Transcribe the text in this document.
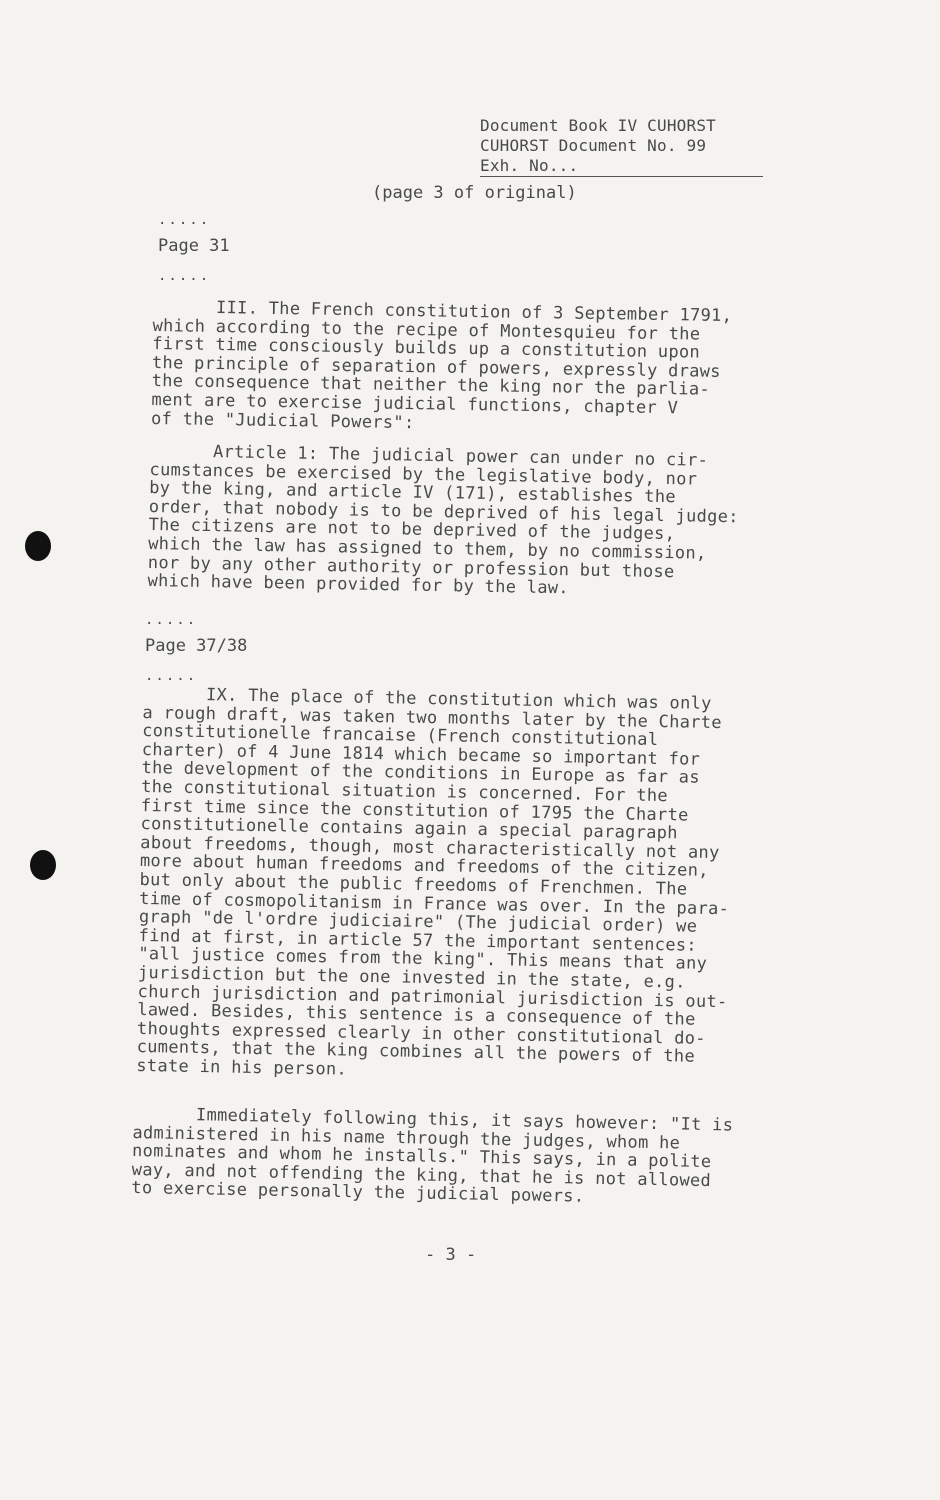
Document Book IV CUHORST
CUHORST Document No. 99
Exh. No...
(page 3 of original)
.....
Page 31
.....
III. The French constitution of 3 September 1791,
which according to the recipe of Montesquieu for the
first time consciously builds up a constitution upon
the principle of separation of powers, expressly draws
the consequence that neither the king nor the parlia-
ment are to exercise judicial functions, chapter V
of the "Judicial Powers":
Article 1: The judicial power can under no cir-
cumstances be exercised by the legislative body, nor
by the king, and article IV (171), establishes the
order, that nobody is to be deprived of his legal judge:
The citizens are not to be deprived of the judges,
which the law has assigned to them, by no commission,
nor by any other authority or profession but those
which have been provided for by the law.
.....
Page 37/38
.....
IX. The place of the constitution which was only
a rough draft, was taken two months later by the Charte
constitutionelle francaise (French constitutional
charter) of 4 June 1814 which became so important for
the development of the conditions in Europe as far as
the constitutional situation is concerned. For the
first time since the constitution of 1795 the Charte
constitutionelle contains again a special paragraph
about freedoms, though, most characteristically not any
more about human freedoms and freedoms of the citizen,
but only about the public freedoms of Frenchmen. The
time of cosmopolitanism in France was over. In the para-
graph "de l'ordre judiciaire" (The judicial order) we
find at first, in article 57 the important sentences:
"all justice comes from the king". This means that any
jurisdiction but the one invested in the state, e.g.
church jurisdiction and patrimonial jurisdiction is out-
lawed. Besides, this sentence is a consequence of the
thoughts expressed clearly in other constitutional do-
cuments, that the king combines all the powers of the
state in his person.
Immediately following this, it says however: "It is
administered in his name through the judges, whom he
nominates and whom he installs." This says, in a polite
way, and not offending the king, that he is not allowed
to exercise personally the judicial powers.
- 3 -
